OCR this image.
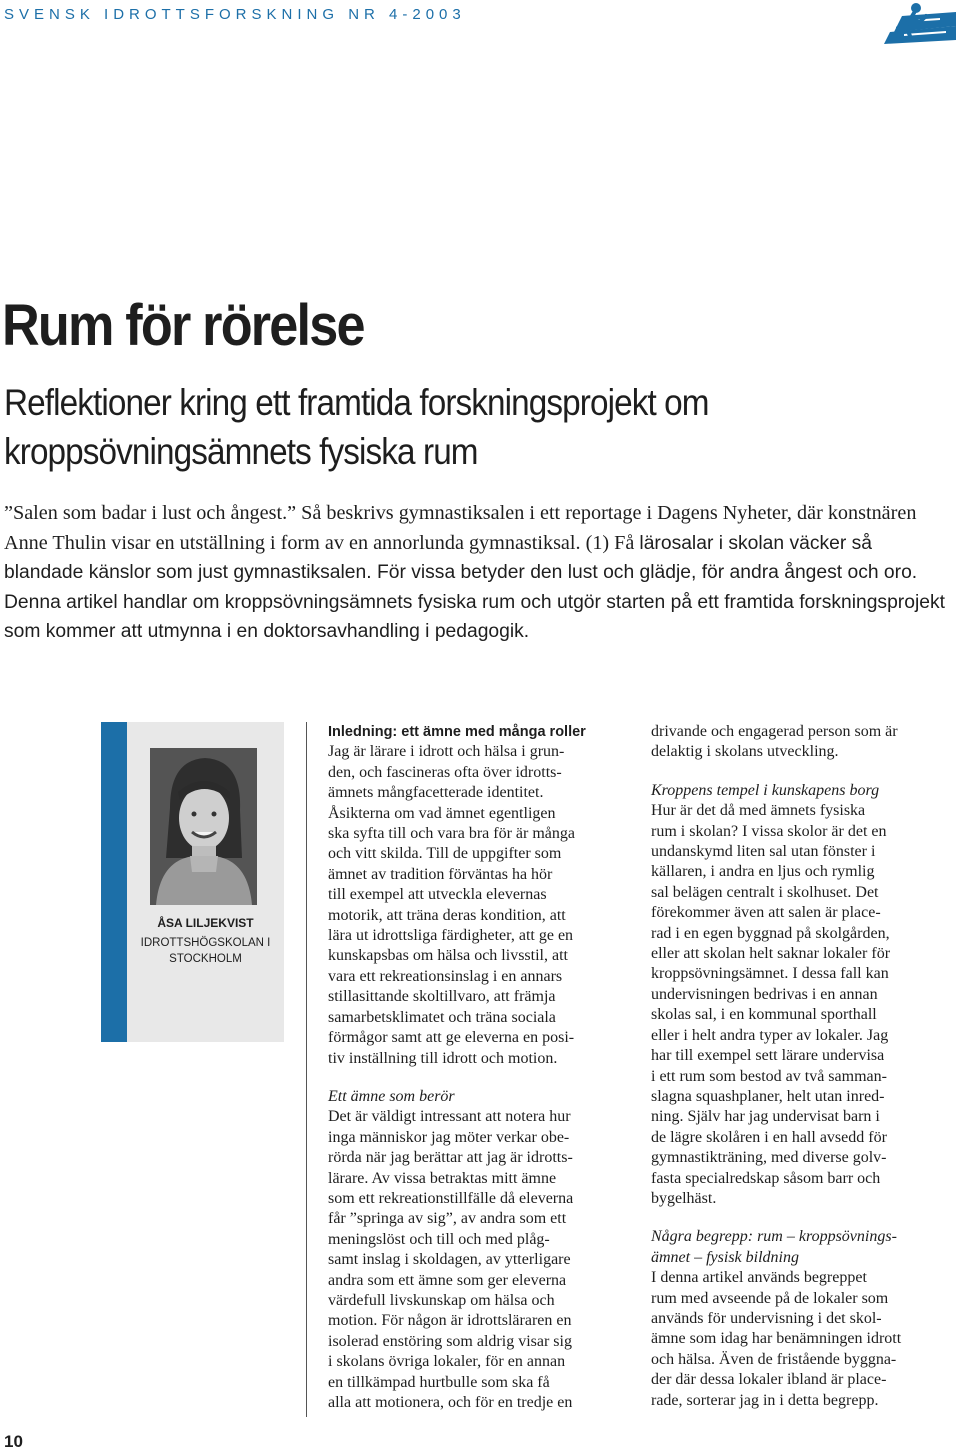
SVENSK IDROTTSFORSKNING NR 4-2003
Rum för rörelse
Reflektioner kring ett framtida forskningsprojekt om
kroppsövningsämnets fysiska rum

”Salen som badar i lust och ångest.” Så beskrivs gymnastiksalen i ett reportage i Dagens Nyheter, där konstnären Anne Thulin visar en utställning i form av en annorlunda gymnastiksal. (1) Få lärosalar i skolan väcker så blandade känslor som just gymnastiksalen. För vissa betyder den lust och glädje, för andra ångest och oro. Denna artikel handlar om kroppsövningsämnets fysiska rum och utgör starten på ett framtida forskningsprojekt som kommer att utmynna i en doktorsavhandling i pedagogik.

ÅSA LILJEKVIST
IDROTTSHÖGSKOLAN I STOCKHOLM

Inledning: ett ämne med många roller

Jag är lärare i idrott och hälsa i grun-
den, och fascineras ofta över idrotts-
ämnets mångfacetterade identitet.
Åsikterna om vad ämnet egentligen
ska syfta till och vara bra för är många
och vitt skilda. Till de uppgifter som
ämnet av tradition förväntas ha hör
till exempel att utveckla elevernas
motorik, att träna deras kondition, att
lära ut idrottsliga färdigheter, att ge en
kunskapsbas om hälsa och livsstil, att
vara ett rekreationsinslag i en annars
stillasittande skoltillvaro, att främja
samarbetsklimatet och träna sociala
förmågor samt att ge eleverna en posi-
tiv inställning till idrott och motion.

Ett ämne som berör

Det är väldigt intressant att notera hur
inga människor jag möter verkar obe-
rörda när jag berättar att jag är idrotts-
lärare. Av vissa betraktas mitt ämne
som ett rekreationstillfälle då eleverna
får ”springa av sig”, av andra som ett
meningslöst och till och med plåg-
samt inslag i skoldagen, av ytterligare
andra som ett ämne som ger eleverna
värdefull livskunskap om hälsa och
motion. För någon är idrottsläraren en
isolerad enstöring som aldrig visar sig
i skolans övriga lokaler, för en annan
en tillkämpad hurtbulle som ska få
alla att motionera, och för en tredje en

drivande och engagerad person som är
delaktig i skolans utveckling.

Kroppens tempel i kunskapens borg

Hur är det då med ämnets fysiska
rum i skolan? I vissa skolor är det en
undanskymd liten sal utan fönster i
källaren, i andra en ljus och rymlig
sal belägen centralt i skolhuset. Det
förekommer även att salen är place-
rad i en egen byggnad på skolgården,
eller att skolan helt saknar lokaler för
kroppsövningsämnet. I dessa fall kan
undervisningen bedrivas i en annan
skolas sal, i en kommunal sporthall
eller i helt andra typer av lokaler. Jag
har till exempel sett lärare undervisa
i ett rum som bestod av två samman-
slagna squashplaner, helt utan inred-
ning. Själv har jag undervisat barn i
de lägre skolåren i en hall avsedd för
gymnastikträning, med diverse golv-
fasta specialredskap såsom barr och
bygelhäst.

Några begrepp: rum – kroppsövnings-
ämnet – fysisk bildning

I denna artikel används begreppet
rum med avseende på de lokaler som
används för undervisning i det skol-
ämne som idag har benämningen idrott
och hälsa. Även de fristående byggna-
der där dessa lokaler ibland är place-
rade, sorterar jag in i detta begrepp.

10
